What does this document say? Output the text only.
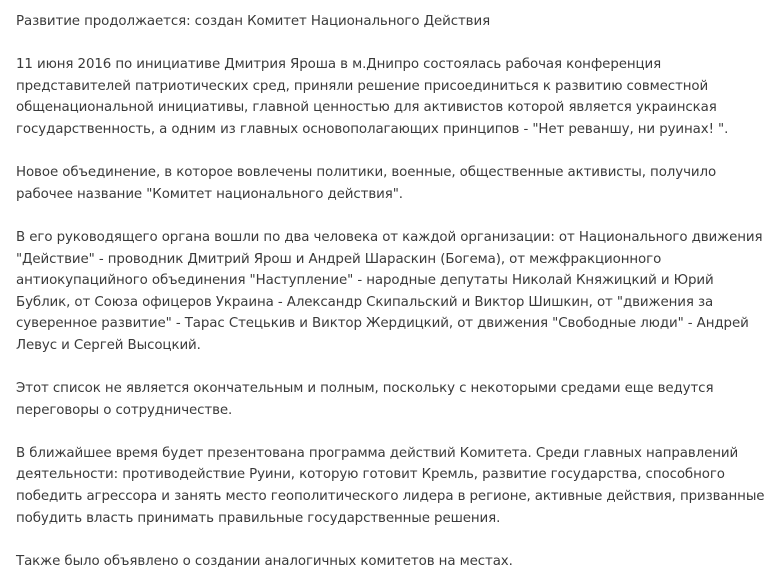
Развитие продолжается: создан Комитет Национального Действия

11 июня 2016 по инициативе Дмитрия Яроша в м.Днипро состоялась рабочая конференция представителей патриотических сред, приняли решение присоединиться к развитию совместной общенациональной инициативы, главной ценностью для активистов которой является украинская государственность, а одним из главных основополагающих принципов - "Нет реваншу, ни руинах! ".

Новое объединение, в которое вовлечены политики, военные, общественные активисты, получило рабочее название "Комитет национального действия".

В его руководящего органа вошли по два человека от каждой организации: от Национального движения "Действие" - проводник Дмитрий Ярош и Андрей Шараскин (Богема), от межфракционного антиокупацийного объединения "Наступление" - народные депутаты Николай Княжицкий и Юрий Бублик, от Союза офицеров Украина - Александр Скипальский и Виктор Шишкин, от "движения за суверенное развитие" - Тарас Стецькив и Виктор Жердицкий, от движения "Свободные люди" - Андрей Левус и Сергей Высоцкий.

Этот список не является окончательным и полным, поскольку с некоторыми средами еще ведутся переговоры о сотрудничестве.

В ближайшее время будет презентована программа действий Комитета. Среди главных направлений деятельности: противодействие Руини, которую готовит Кремль, развитие государства, способного победить агрессора и занять место геополитического лидера в регионе, активные действия, призванные побудить власть принимать правильные государственные решения.

Также было объявлено о создании аналогичных комитетов на местах.
